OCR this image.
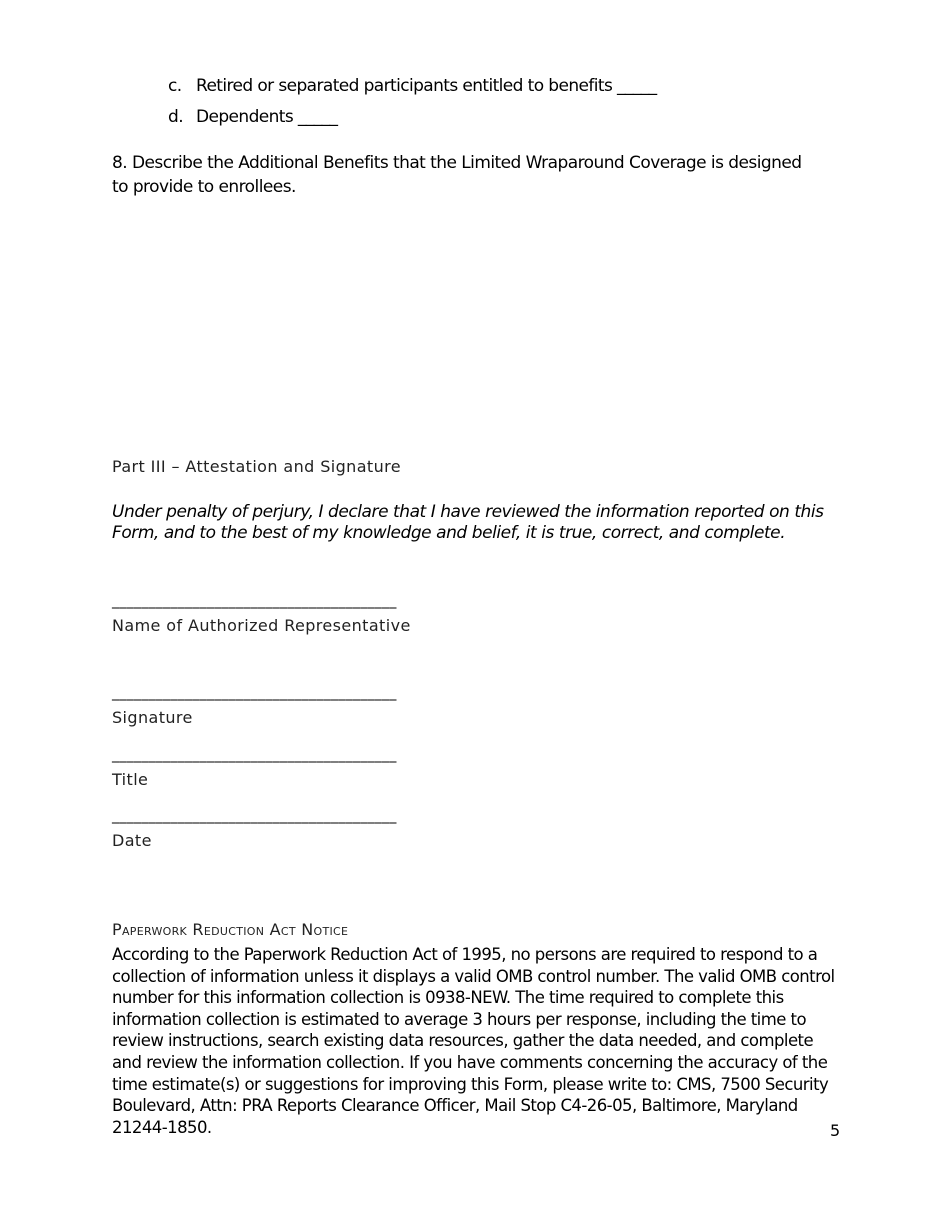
c. Retired or separated participants entitled to benefits _____
d. Dependents _____
8. Describe the Additional Benefits that the Limited Wraparound Coverage is designed to provide to enrollees.
Part III – Attestation and Signature
Under penalty of perjury, I declare that I have reviewed the information reported on this Form, and to the best of my knowledge and belief, it is true, correct, and complete.
_______________________________________
Name of Authorized Representative
_______________________________________
Signature
_______________________________________
Title
_______________________________________
Date
Paperwork Reduction Act Notice
According to the Paperwork Reduction Act of 1995, no persons are required to respond to a collection of information unless it displays a valid OMB control number. The valid OMB control number for this information collection is 0938-NEW. The time required to complete this information collection is estimated to average 3 hours per response, including the time to review instructions, search existing data resources, gather the data needed, and complete and review the information collection. If you have comments concerning the accuracy of the time estimate(s) or suggestions for improving this Form, please write to: CMS, 7500 Security Boulevard, Attn: PRA Reports Clearance Officer, Mail Stop C4-26-05, Baltimore, Maryland 21244-1850.	5
